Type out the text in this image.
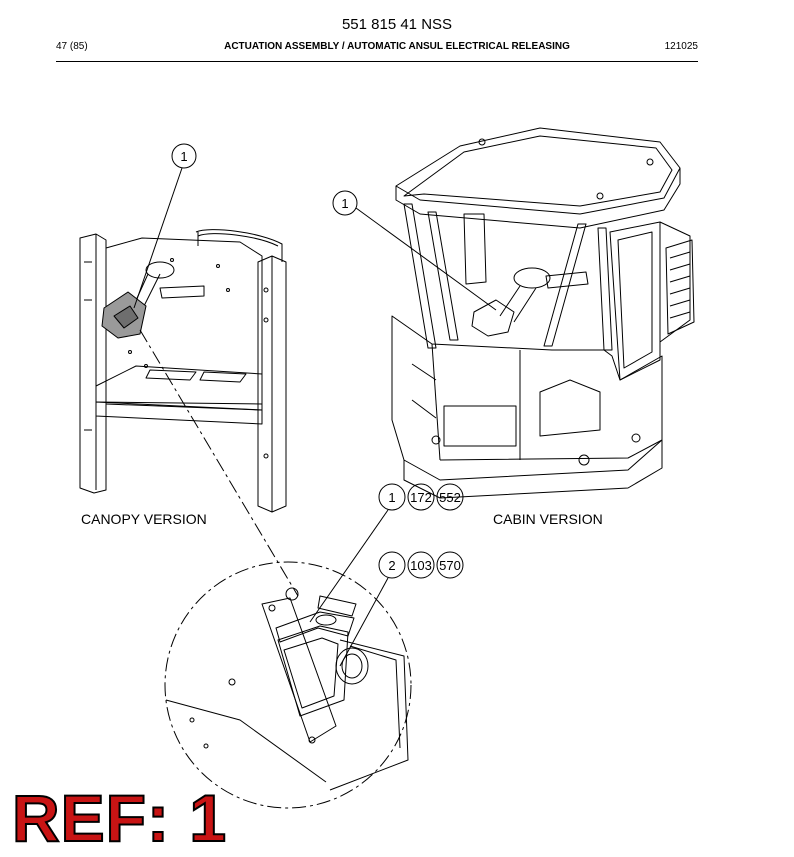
551 815 41 NSS
47 (85)	ACTUATION ASSEMBLY / AUTOMATIC ANSUL ELECTRICAL RELEASING	121025
1
1
1 172 552
2 103 570
CANOPY VERSION	CABIN VERSION
REF: 1
